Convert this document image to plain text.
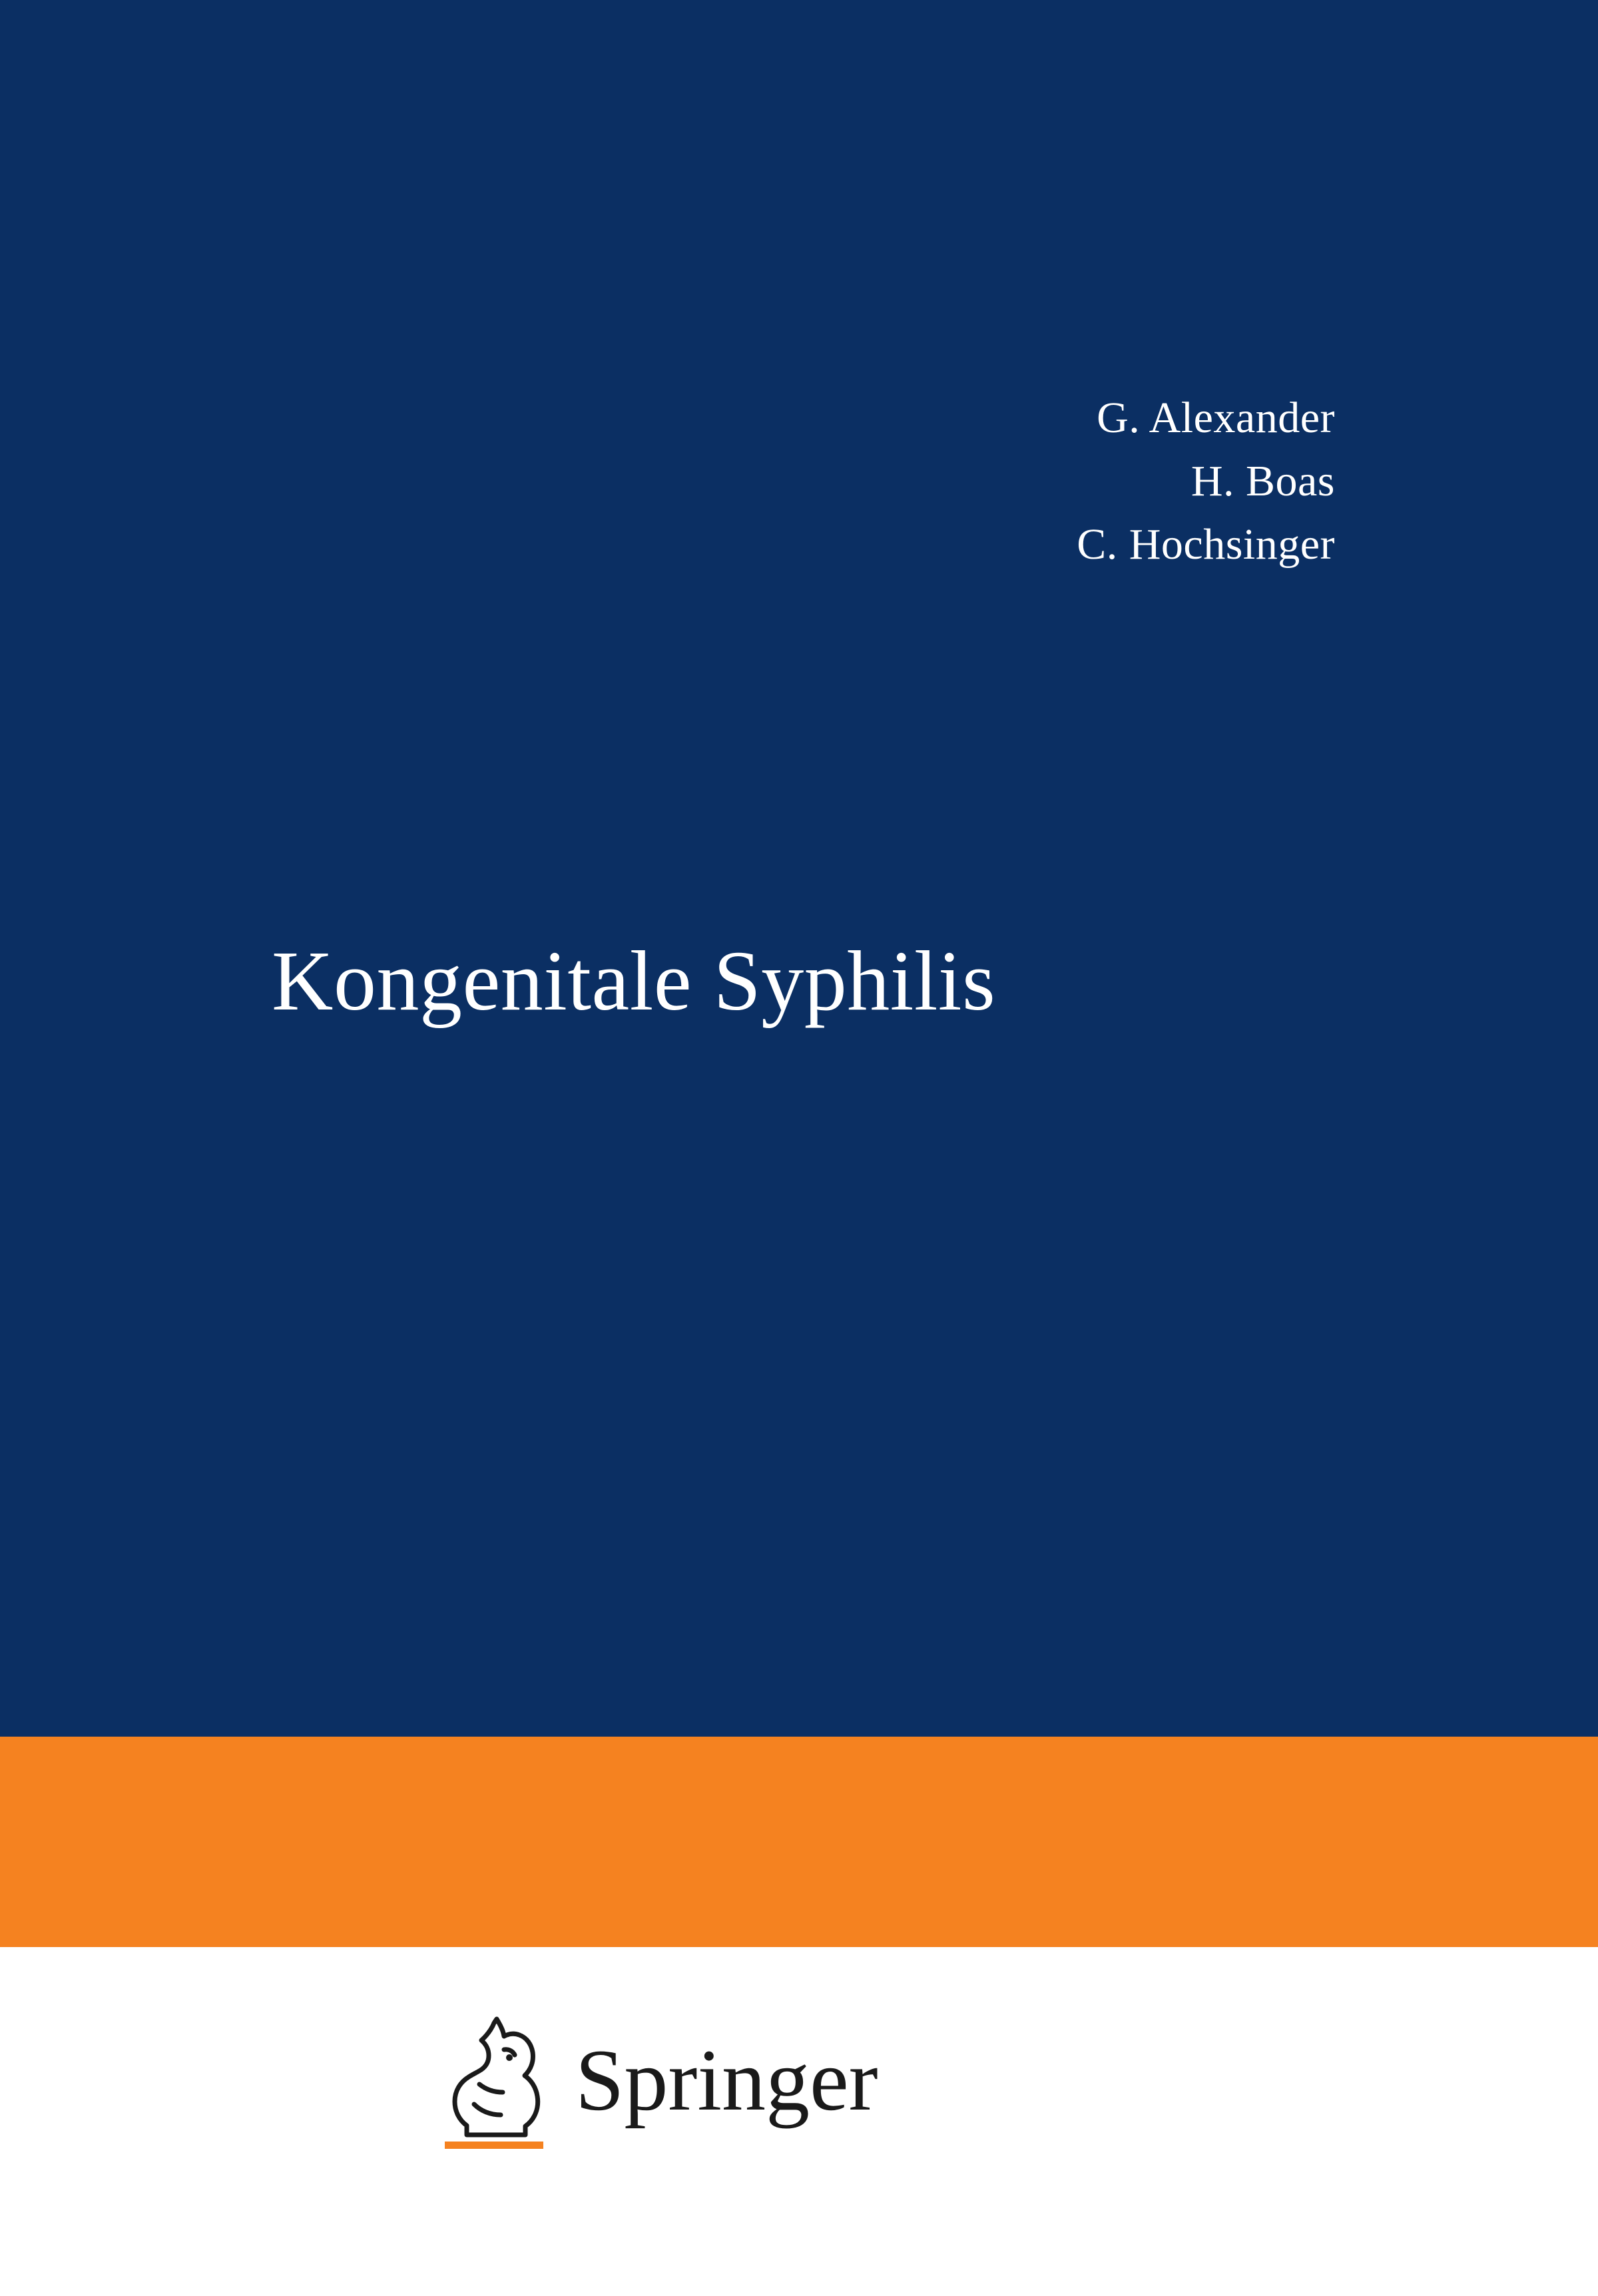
G. Alexander
H. Boas
C. Hochsinger
Kongenitale Syphilis
Springer
